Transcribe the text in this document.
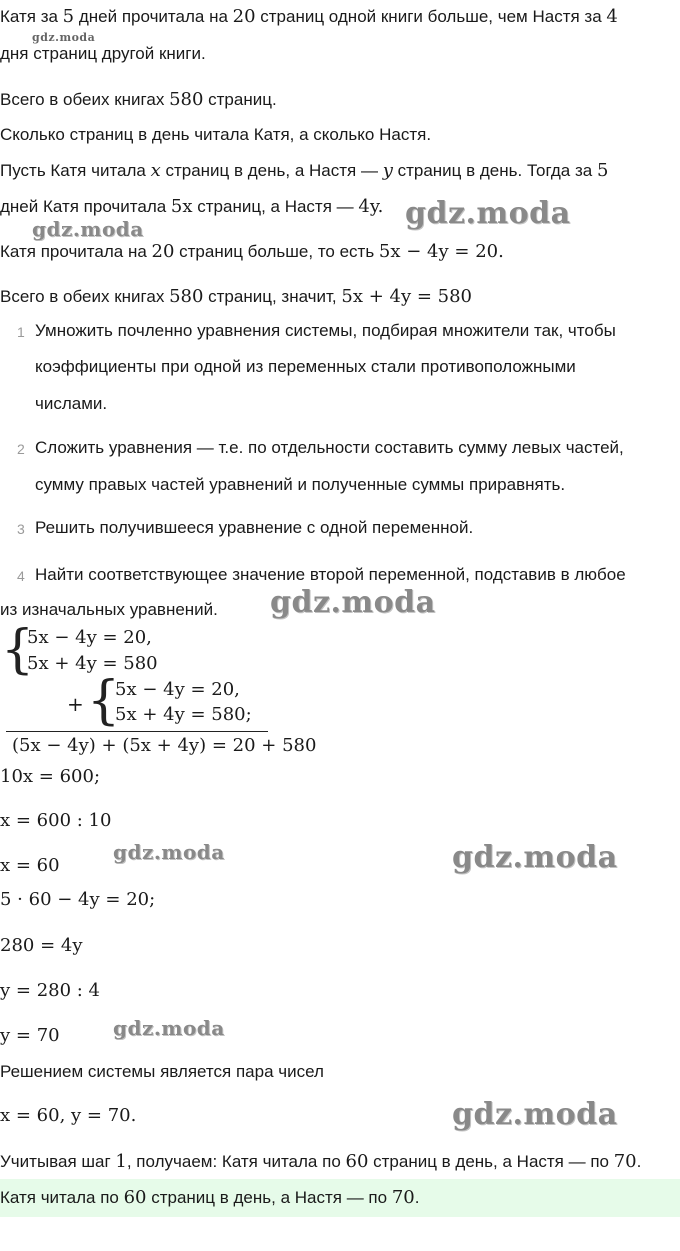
Катя за 5 дней прочитала на 20 страниц одной книги больше, чем Настя за 4
gdz.moda
дня страниц другой книги.
Всего в обеих книгах 580 страниц.
Сколько страниц в день читала Катя, а сколько Настя.
Пусть Катя читала x страниц в день, а Настя — y страниц в день. Тогда за 5
дней Катя прочитала 5x страниц, а Настя — 4y. gdz.moda
gdz.moda
Катя прочитала на 20 страниц больше, то есть 5x − 4y = 20.
Всего в обеих книгах 580 страниц, значит, 5x + 4y = 580
1 Умножить почленно уравнения системы, подбирая множители так, чтобы
коэффициенты при одной из переменных стали противоположными
числами.
2 Сложить уравнения — т.е. по отдельности составить сумму левых частей,
сумму правых частей уравнений и полученные суммы приравнять.
3 Решить получившееся уравнение с одной переменной.
4 Найти соответствующее значение второй переменной, подставив в любое
из изначальных уравнений. gdz.moda
{
5x − 4y = 20,
5x + 4y = 580
+ {
5x − 4y = 20,
5x + 4y = 580;
(5x − 4y) + (5x + 4y) = 20 + 580
10x = 600;
x = 600 : 10
x = 60
gdz.moda	gdz.moda
5 · 60 − 4y = 20;
280 = 4y
y = 280 : 4
y = 70	gdz.moda
Решением системы является пара чисел
x = 60, y = 70.	gdz.moda
Учитывая шаг 1, получаем: Катя читала по 60 страниц в день, а Настя — по 70.
Катя читала по 60 страниц в день, а Настя — по 70.
